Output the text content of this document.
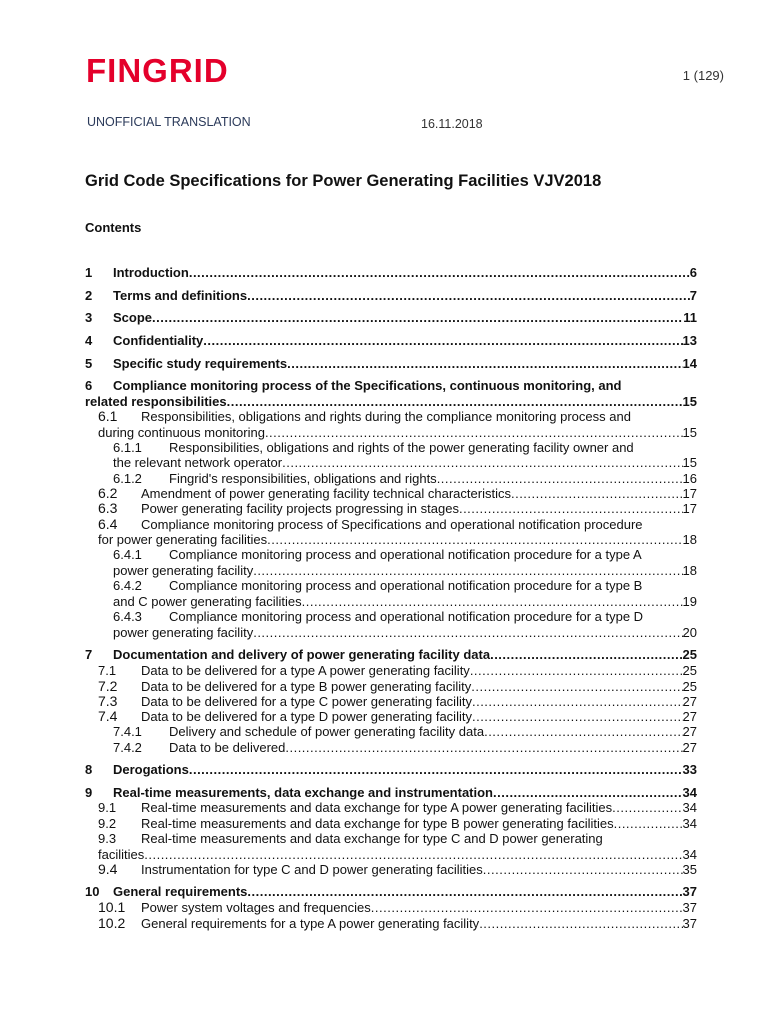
FINGRID	1 (129)
UNOFFICIAL TRANSLATION	16.11.2018
Grid Code Specifications for Power Generating Facilities VJV2018
Contents
1	Introduction .....	6
2	Terms and definitions .....	7
3	Scope .....	11
4	Confidentiality .....	13
5	Specific study requirements .....	14
6	Compliance monitoring process of the Specifications, continuous monitoring, and
related responsibilities .....	15
6.1	Responsibilities, obligations and rights during the compliance monitoring process and
during continuous monitoring .....	15
6.1.1	Responsibilities, obligations and rights of the power generating facility owner and
the relevant network operator .....	15
6.1.2	Fingrid's responsibilities, obligations and rights .....	16
6.2	Amendment of power generating facility technical characteristics .....	17
6.3	Power generating facility projects progressing in stages .....	17
6.4	Compliance monitoring process of Specifications and operational notification procedure
for power generating facilities .....	18
6.4.1	Compliance monitoring process and operational notification procedure for a type A
power generating facility .....	18
6.4.2	Compliance monitoring process and operational notification procedure for a type B
and C power generating facilities .....	19
6.4.3	Compliance monitoring process and operational notification procedure for a type D
power generating facility .....	20
7	Documentation and delivery of power generating facility data .....	25
7.1	Data to be delivered for a type A power generating facility .....	25
7.2	Data to be delivered for a type B power generating facility .....	25
7.3	Data to be delivered for a type C power generating facility .....	27
7.4	Data to be delivered for a type D power generating facility .....	27
7.4.1	Delivery and schedule of power generating facility data .....	27
7.4.2	Data to be delivered .....	27
8	Derogations .....	33
9	Real-time measurements, data exchange and instrumentation .....	34
9.1	Real-time measurements and data exchange for type A power generating facilities .....	34
9.2	Real-time measurements and data exchange for type B power generating facilities .....	34
9.3	Real-time measurements and data exchange for type C and D power generating
facilities .....	34
9.4	Instrumentation for type C and D power generating facilities .....	35
10	General requirements .....	37
10.1	Power system voltages and frequencies .....	37
10.2	General requirements for a type A power generating facility .....	37
